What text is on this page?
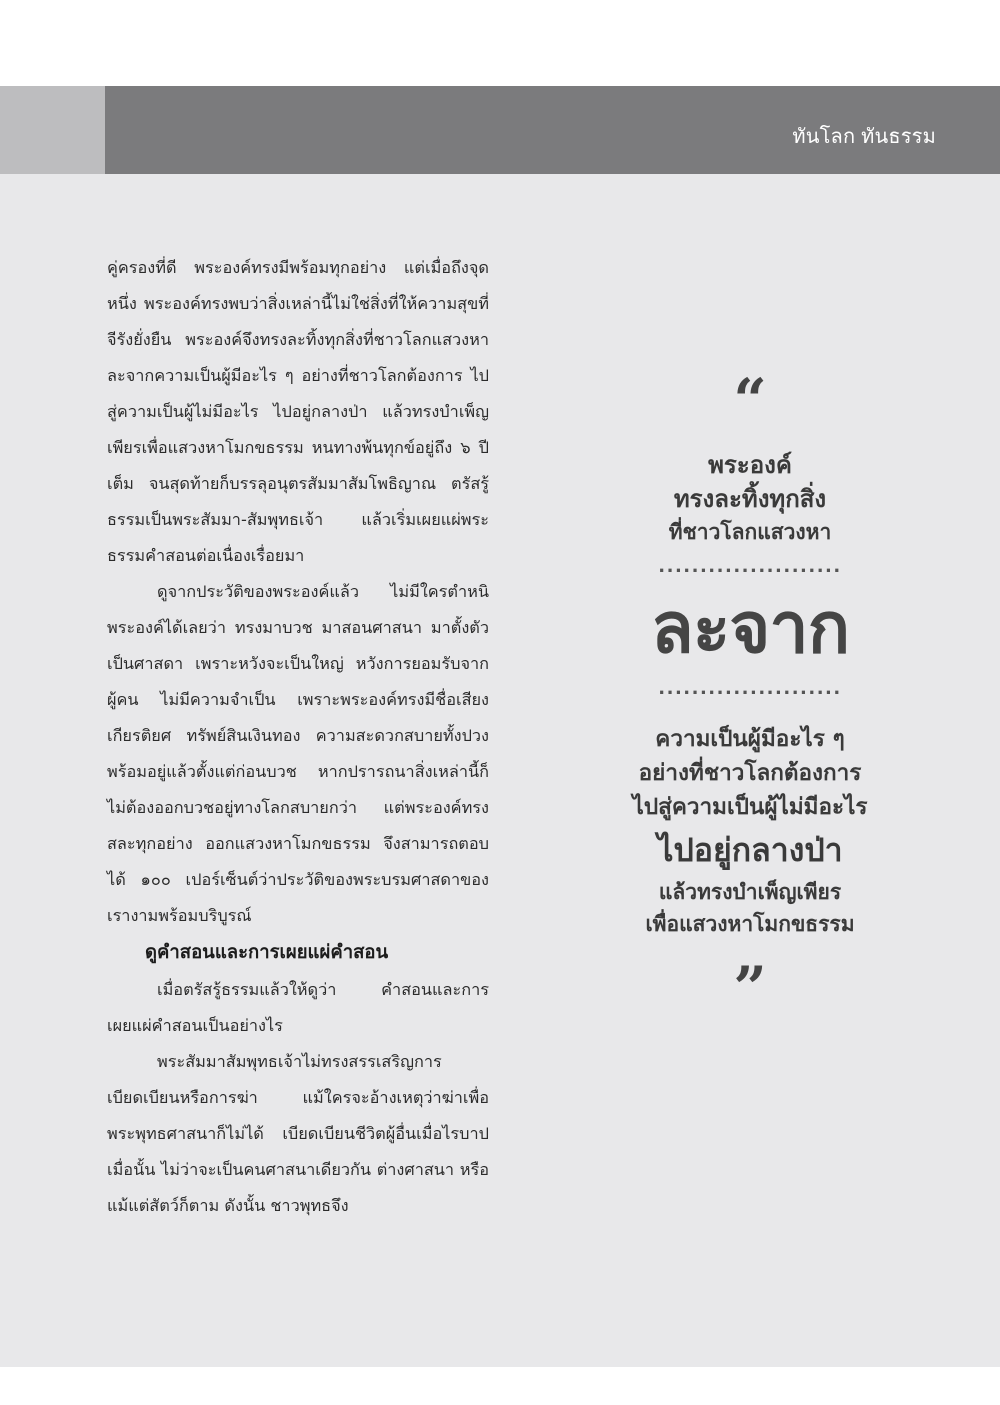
ทันโลก ทันธรรม

คู่ครองที่ดี พระองค์ทรงมีพร้อมทุกอย่าง แต่เมื่อถึงจุดหนึ่ง พระองค์ทรงพบว่าสิ่งเหล่านี้ไม่ใช่สิ่งที่ให้ความสุขที่จีรังยั่งยืน พระองค์จึงทรงละทิ้งทุกสิ่งที่ชาวโลกแสวงหา ละจากความเป็นผู้มีอะไร ๆ อย่างที่ชาวโลกต้องการ ไปสู่ความเป็นผู้ไม่มีอะไร ไปอยู่กลางป่า แล้วทรงบำเพ็ญเพียรเพื่อแสวงหาโมกขธรรม หนทางพ้นทุกข์อยู่ถึง ๖ ปีเต็ม จนสุดท้ายก็บรรลุอนุตรสัมมาสัมโพธิญาณ ตรัสรู้ธรรมเป็นพระสัมมา-สัมพุทธเจ้า แล้วเริ่มเผยแผ่พระธรรมคำสอนต่อเนื่องเรื่อยมา

ดูจากประวัติของพระองค์แล้ว ไม่มีใครตำหนิพระองค์ได้เลยว่า ทรงมาบวช มาสอนศาสนา มาตั้งตัวเป็นศาสดา เพราะหวังจะเป็นใหญ่ หวังการยอมรับจากผู้คน ไม่มีความจำเป็น เพราะพระองค์ทรงมีชื่อเสียง เกียรติยศ ทรัพย์สินเงินทอง ความสะดวกสบายทั้งปวงพร้อมอยู่แล้วตั้งแต่ก่อนบวช หากปรารถนาสิ่งเหล่านี้ก็ไม่ต้องออกบวชอยู่ทางโลกสบายกว่า แต่พระองค์ทรงสละทุกอย่าง ออกแสวงหาโมกขธรรม จึงสามารถตอบได้ ๑๐๐ เปอร์เซ็นต์ว่าประวัติของพระบรมศาสดาของเรางามพร้อมบริบูรณ์

ดูคำสอนและการเผยแผ่คำสอน

เมื่อตรัสรู้ธรรมแล้วให้ดูว่า คำสอนและการเผยแผ่คำสอนเป็นอย่างไร

พระสัมมาสัมพุทธเจ้าไม่ทรงสรรเสริญการเบียดเบียนหรือการฆ่า แม้ใครจะอ้างเหตุว่าฆ่าเพื่อพระพุทธศาสนาก็ไม่ได้ เบียดเบียนชีวิตผู้อื่นเมื่อไรบาปเมื่อนั้น ไม่ว่าจะเป็นคนศาสนาเดียวกัน ต่างศาสนา หรือแม้แต่สัตว์ก็ตาม ดังนั้น ชาวพุทธจึง

“
พระองค์
ทรงละทิ้งทุกสิ่ง
ที่ชาวโลกแสวงหา
......................
ละจาก
......................
ความเป็นผู้มีอะไร ๆ
อย่างที่ชาวโลกต้องการ
ไปสู่ความเป็นผู้ไม่มีอะไร
ไปอยู่กลางป่า
แล้วทรงบำเพ็ญเพียร
เพื่อแสวงหาโมกขธรรม
”
